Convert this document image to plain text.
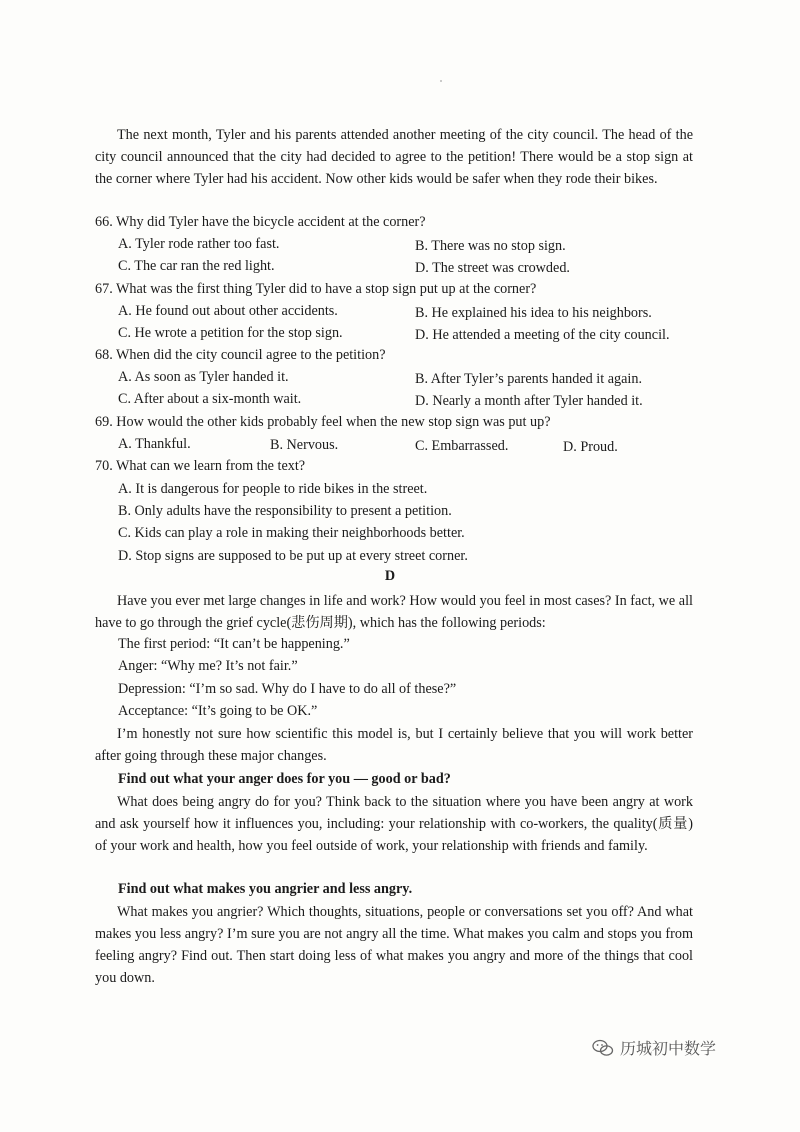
The next month, Tyler and his parents attended another meeting of the city council. The head of the city council announced that the city had decided to agree to the petition! There would be a stop sign at the corner where Tyler had his accident. Now other kids would be safer when they rode their bikes.

66. Why did Tyler have the bicycle accident at the corner?
A. Tyler rode rather too fast.	B. There was no stop sign.
C. The car ran the red light.	D. The street was crowded.
67. What was the first thing Tyler did to have a stop sign put up at the corner?
A. He found out about other accidents.	B. He explained his idea to his neighbors.
C. He wrote a petition for the stop sign.	D. He attended a meeting of the city council.
68. When did the city council agree to the petition?
A. As soon as Tyler handed it.	B. After Tyler’s parents handed it again.
C. After about a six-month wait.	D. Nearly a month after Tyler handed it.
69. How would the other kids probably feel when the new stop sign was put up?
A. Thankful.	B. Nervous.	C. Embarrassed.	D. Proud.
70. What can we learn from the text?
A. It is dangerous for people to ride bikes in the street.
B. Only adults have the responsibility to present a petition.
C. Kids can play a role in making their neighborhoods better.
D. Stop signs are supposed to be put up at every street corner.
D

Have you ever met large changes in life and work? How would you feel in most cases? In fact, we all have to go through the grief cycle(悲伤周期), which has the following periods:

The first period: “It can’t be happening.”
Anger: “Why me? It’s not fair.”
Depression: “I’m so sad. Why do I have to do all of these?”
Acceptance: “It’s going to be OK.”

I’m honestly not sure how scientific this model is, but I certainly believe that you will work better after going through these major changes.

Find out what your anger does for you — good or bad?

What does being angry do for you? Think back to the situation where you have been angry at work and ask yourself how it influences you, including: your relationship with co-workers, the quality(质量) of your work and health, how you feel outside of work, your relationship with friends and family.

Find out what makes you angrier and less angry.

What makes you angrier? Which thoughts, situations, people or conversations set you off? And what makes you less angry? I’m sure you are not angry all the time. What makes you calm and stops you from feeling angry? Find out. Then start doing less of what makes you angry and more of the things that cool you down.

历城初中数学
